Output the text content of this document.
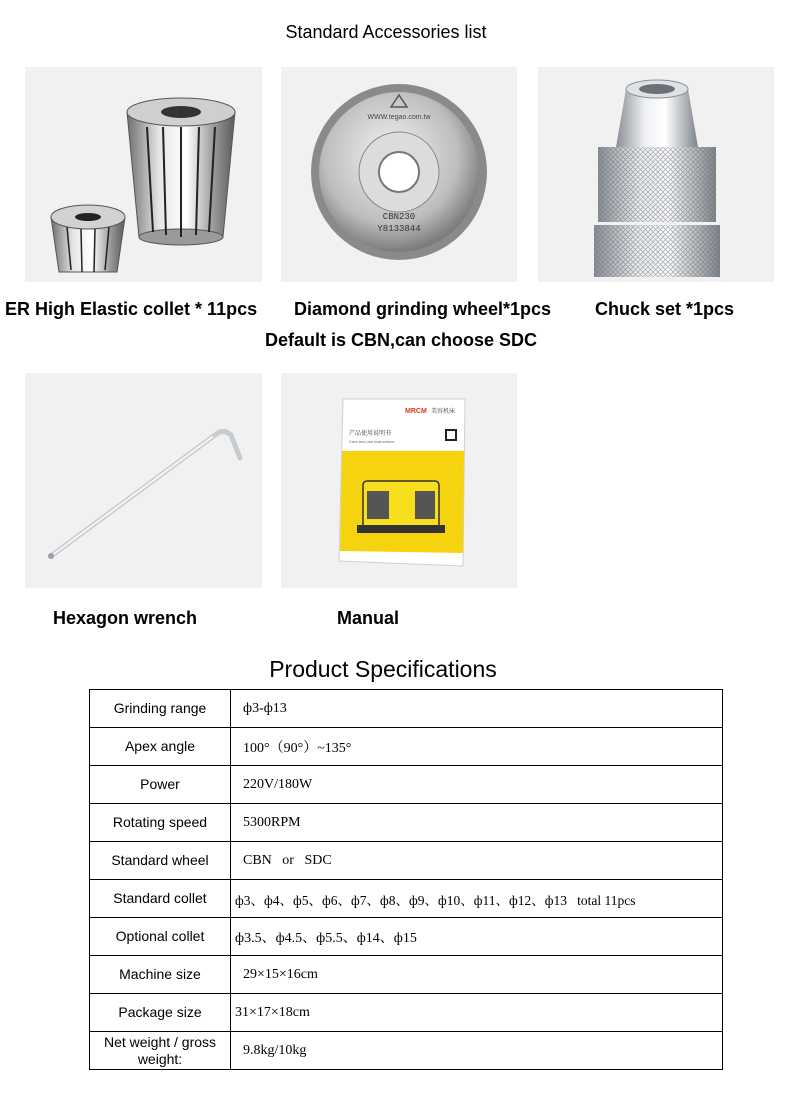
Standard Accessories list
WWW.tegao.com.tw
CBN230
Y8133844
ER High Elastic collet * 11pcs Diamond grinding wheel*1pcs Chuck set *1pcs
Default is CBN,can choose SDC
MRCM 美容机床
产品使用说明书
Care and use instructions
Hexagon wrench	Manual
Product Specifications
Grinding range	ф3-ф13
Apex angle	100°（90°）~135°
Power	220V/180W
Rotating speed	5300RPM
Standard wheel	CBN   or   SDC
Standard collet	ф3、ф4、ф5、ф6、ф7、ф8、ф9、ф10、ф11、ф12、ф13   total 11pcs
Optional collet	ф3.5、ф4.5、ф5.5、ф14、ф15
Machine size	29×15×16cm
Package size	31×17×18cm
Net weight / gross weight:	9.8kg/10kg
